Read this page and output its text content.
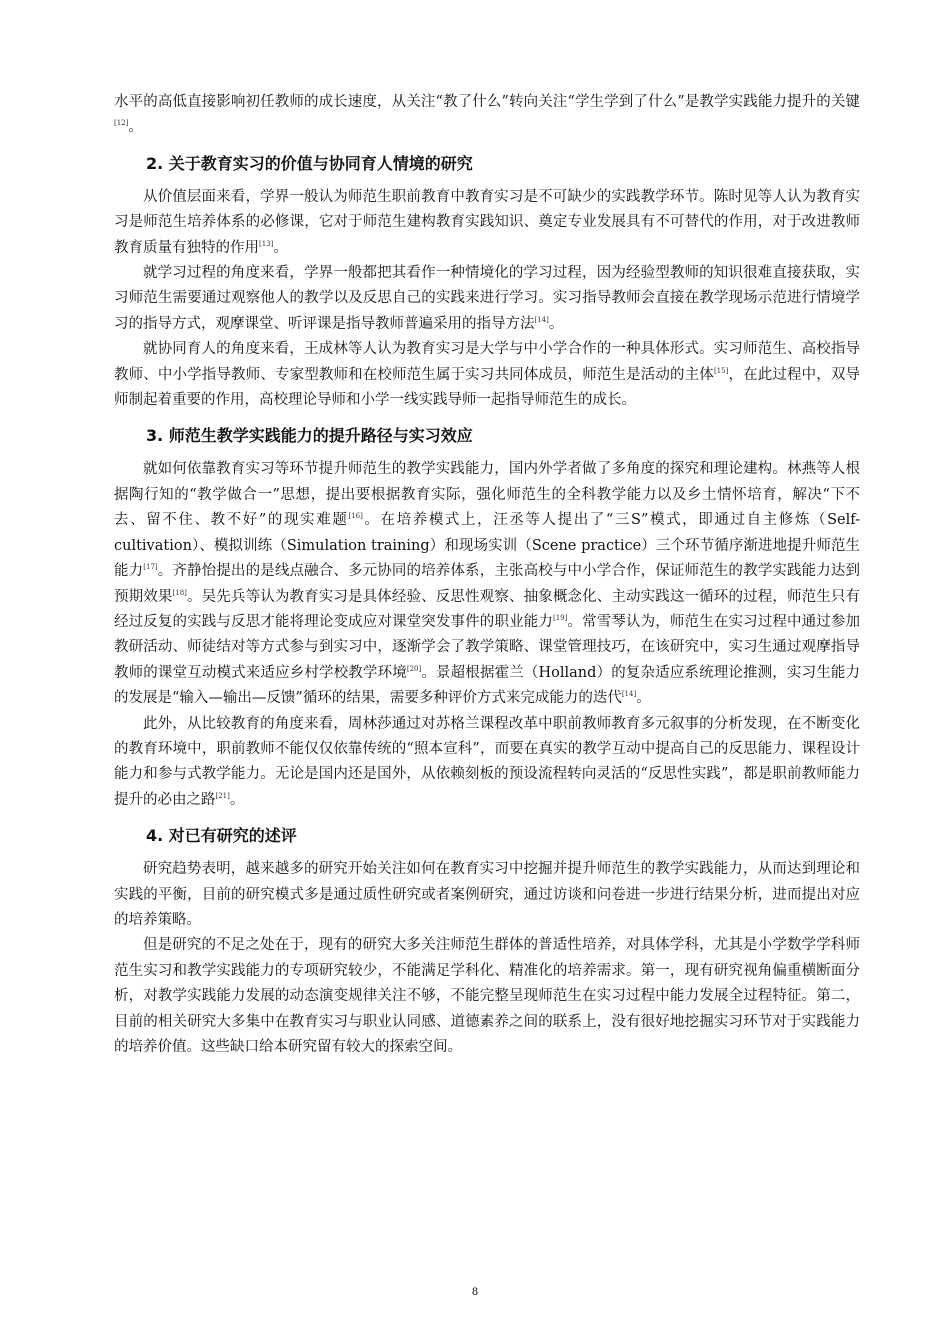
水平的高低直接影响初任教师的成长速度，从关注“教了什么”转向关注“学生学到了什么”是教学实践能力提升的关键[12]。

2. 关于教育实习的价值与协同育人情境的研究

从价值层面来看，学界一般认为师范生职前教育中教育实习是不可缺少的实践教学环节。陈时见等人认为教育实习是师范生培养体系的必修课，它对于师范生建构教育实践知识、奠定专业发展具有不可替代的作用，对于改进教师教育质量有独特的作用[13]。

就学习过程的角度来看，学界一般都把其看作一种情境化的学习过程，因为经验型教师的知识很难直接获取，实习师范生需要通过观察他人的教学以及反思自己的实践来进行学习。实习指导教师会直接在教学现场示范进行情境学习的指导方式，观摩课堂、听评课是指导教师普遍采用的指导方法[14]。

就协同育人的角度来看，王成林等人认为教育实习是大学与中小学合作的一种具体形式。实习师范生、高校指导教师、中小学指导教师、专家型教师和在校师范生属于实习共同体成员，师范生是活动的主体[15]，在此过程中，双导师制起着重要的作用，高校理论导师和小学一线实践导师一起指导师范生的成长。

3. 师范生教学实践能力的提升路径与实习效应

就如何依靠教育实习等环节提升师范生的教学实践能力，国内外学者做了多角度的探究和理论建构。林燕等人根据陶行知的“教学做合一”思想，提出要根据教育实际，强化师范生的全科教学能力以及乡土情怀培育，解决“下不去、留不住、教不好”的现实难题[16]。在培养模式上，汪丞等人提出了“三S”模式，即通过自主修炼（Self-cultivation）、模拟训练（Simulation training）和现场实训（Scene practice）三个环节循序渐进地提升师范生能力[17]。齐静怡提出的是线点融合、多元协同的培养体系，主张高校与中小学合作，保证师范生的教学实践能力达到预期效果[18]。吴先兵等认为教育实习是具体经验、反思性观察、抽象概念化、主动实践这一循环的过程，师范生只有经过反复的实践与反思才能将理论变成应对课堂突发事件的职业能力[19]。常雪琴认为，师范生在实习过程中通过参加教研活动、师徒结对等方式参与到实习中，逐渐学会了教学策略、课堂管理技巧，在该研究中，实习生通过观摩指导教师的课堂互动模式来适应乡村学校教学环境[20]。景超根据霍兰（Holland）的复杂适应系统理论推测，实习生能力的发展是“输入—输出—反馈”循环的结果，需要多种评价方式来完成能力的迭代[14]。

此外，从比较教育的角度来看，周林莎通过对苏格兰课程改革中职前教师教育多元叙事的分析发现，在不断变化的教育环境中，职前教师不能仅仅依靠传统的“照本宣科”，而要在真实的教学互动中提高自己的反思能力、课程设计能力和参与式教学能力。无论是国内还是国外，从依赖刻板的预设流程转向灵活的“反思性实践”，都是职前教师能力提升的必由之路[21]。

4. 对已有研究的述评

研究趋势表明，越来越多的研究开始关注如何在教育实习中挖掘并提升师范生的教学实践能力，从而达到理论和实践的平衡，目前的研究模式多是通过质性研究或者案例研究，通过访谈和问卷进一步进行结果分析，进而提出对应的培养策略。

但是研究的不足之处在于，现有的研究大多关注师范生群体的普适性培养，对具体学科，尤其是小学数学学科师范生实习和教学实践能力的专项研究较少，不能满足学科化、精准化的培养需求。第一，现有研究视角偏重横断面分析，对教学实践能力发展的动态演变规律关注不够，不能完整呈现师范生在实习过程中能力发展全过程特征。第二，目前的相关研究大多集中在教育实习与职业认同感、道德素养之间的联系上，没有很好地挖掘实习环节对于实践能力的培养价值。这些缺口给本研究留有较大的探索空间。

8
